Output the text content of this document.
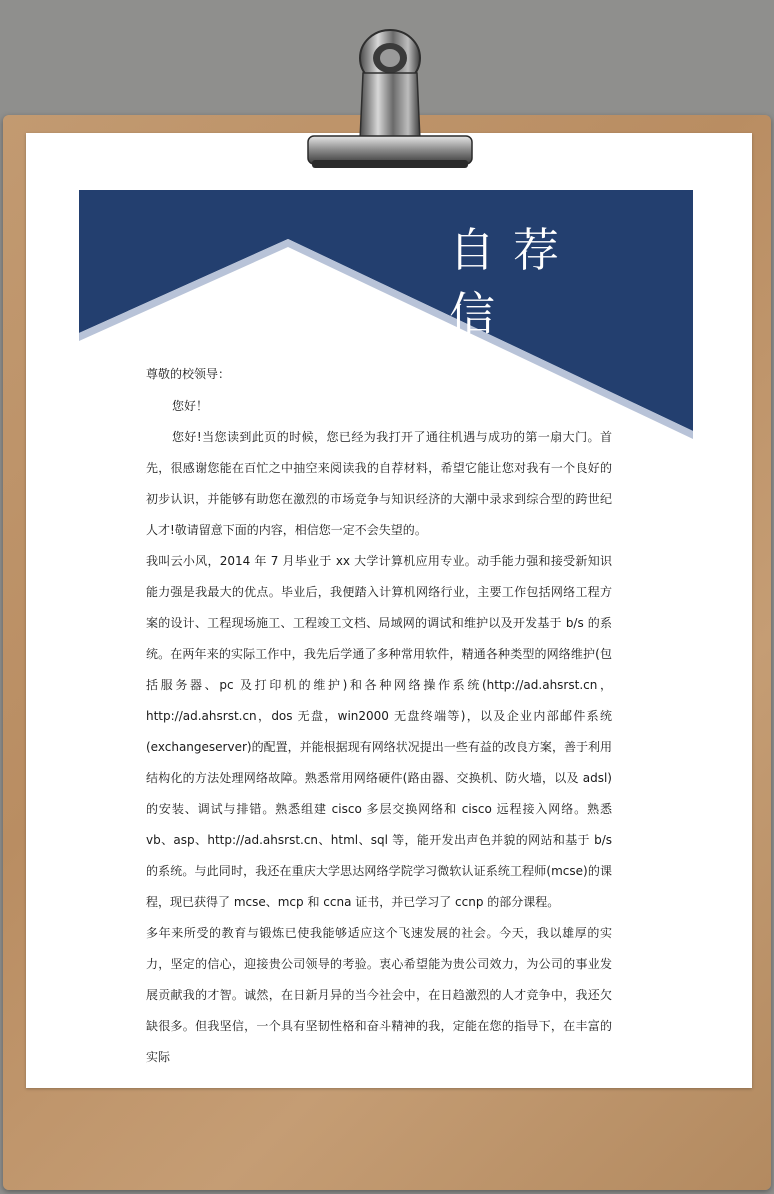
自荐信

尊敬的校领导：

您好！

您好!当您读到此页的时候，您已经为我打开了通往机遇与成功的第一扇大门。首先，很感谢您能在百忙之中抽空来阅读我的自荐材料，希望它能让您对我有一个良好的初步认识，并能够有助您在激烈的市场竞争与知识经济的大潮中录求到综合型的跨世纪人才!敬请留意下面的内容，相信您一定不会失望的。

我叫云小风，2014 年 7 月毕业于 xx 大学计算机应用专业。动手能力强和接受新知识能力强是我最大的优点。毕业后，我便踏入计算机网络行业，主要工作包括网络工程方案的设计、工程现场施工、工程竣工文档、局域网的调试和维护以及开发基于 b/s 的系统。在两年来的实际工作中，我先后学通了多种常用软件，精通各种类型的网络维护(包括服务器、pc 及打印机的维护)和各种网络操作系统(http://ad.ahsrst.cn，http://ad.ahsrst.cn，dos 无盘，win2000 无盘终端等)，以及企业内部邮件系统(exchangeserver)的配置，并能根据现有网络状况提出一些有益的改良方案，善于利用结构化的方法处理网络故障。熟悉常用网络硬件(路由器、交换机、防火墙，以及 adsl)的安装、调试与排错。熟悉组建 cisco 多层交换网络和 cisco 远程接入网络。熟悉 vb、asp、http://ad.ahsrst.cn、html、sql 等，能开发出声色并貌的网站和基于 b/s 的系统。与此同时，我还在重庆大学思达网络学院学习微软认证系统工程师(mcse)的课程，现已获得了 mcse、mcp 和 ccna 证书，并已学习了 ccnp 的部分课程。

多年来所受的教育与锻炼已使我能够适应这个飞速发展的社会。今天，我以雄厚的实力，坚定的信心，迎接贵公司领导的考验。衷心希望能为贵公司效力，为公司的事业发展贡献我的才智。诚然，在日新月异的当今社会中，在日趋激烈的人才竞争中，我还欠缺很多。但我坚信，一个具有坚韧性格和奋斗精神的我，定能在您的指导下，在丰富的实际
